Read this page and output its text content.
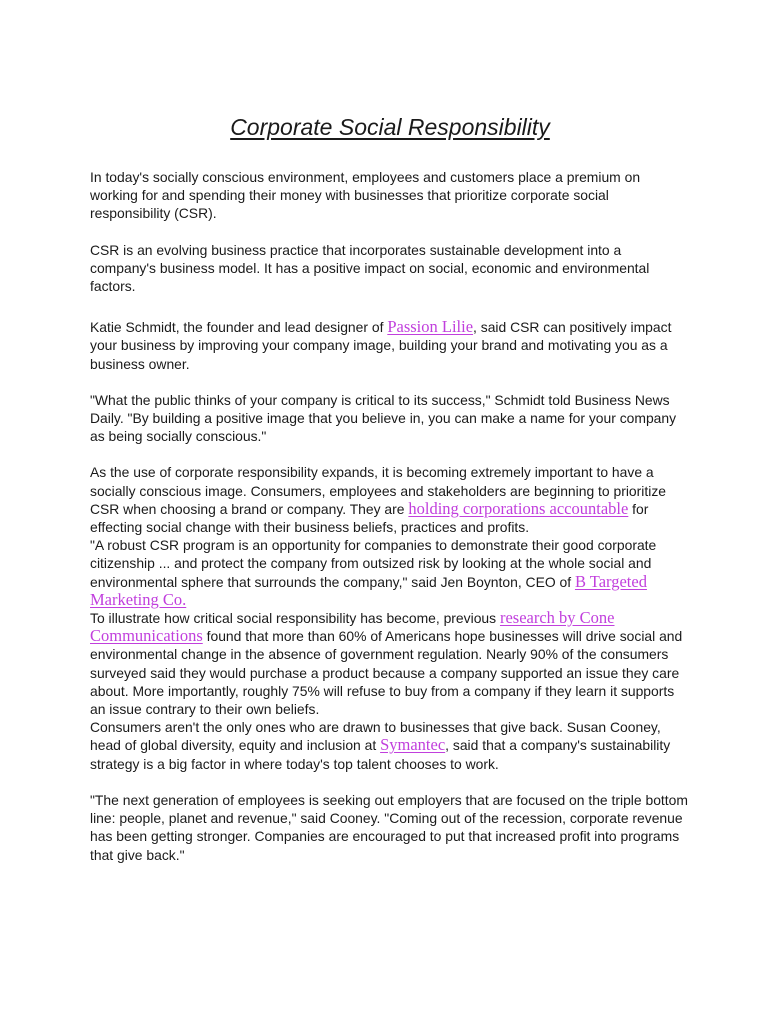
Corporate Social Responsibility

In today's socially conscious environment, employees and customers place a premium on working for and spending their money with businesses that prioritize corporate social responsibility (CSR).

CSR is an evolving business practice that incorporates sustainable development into a company's business model. It has a positive impact on social, economic and environmental factors.

Katie Schmidt, the founder and lead designer of Passion Lilie, said CSR can positively impact your business by improving your company image, building your brand and motivating you as a business owner.

"What the public thinks of your company is critical to its success," Schmidt told Business News Daily. "By building a positive image that you believe in, you can make a name for your company as being socially conscious."

As the use of corporate responsibility expands, it is becoming extremely important to have a socially conscious image. Consumers, employees and stakeholders are beginning to prioritize CSR when choosing a brand or company. They are holding corporations accountable for effecting social change with their business beliefs, practices and profits.

"A robust CSR program is an opportunity for companies to demonstrate their good corporate citizenship ... and protect the company from outsized risk by looking at the whole social and environmental sphere that surrounds the company," said Jen Boynton, CEO of B Targeted Marketing Co.

To illustrate how critical social responsibility has become, previous research by Cone Communications found that more than 60% of Americans hope businesses will drive social and environmental change in the absence of government regulation. Nearly 90% of the consumers surveyed said they would purchase a product because a company supported an issue they care about. More importantly, roughly 75% will refuse to buy from a company if they learn it supports an issue contrary to their own beliefs.

Consumers aren't the only ones who are drawn to businesses that give back. Susan Cooney, head of global diversity, equity and inclusion at Symantec, said that a company's sustainability strategy is a big factor in where today's top talent chooses to work.

"The next generation of employees is seeking out employers that are focused on the triple bottom line: people, planet and revenue," said Cooney. "Coming out of the recession, corporate revenue has been getting stronger. Companies are encouraged to put that increased profit into programs that give back."
